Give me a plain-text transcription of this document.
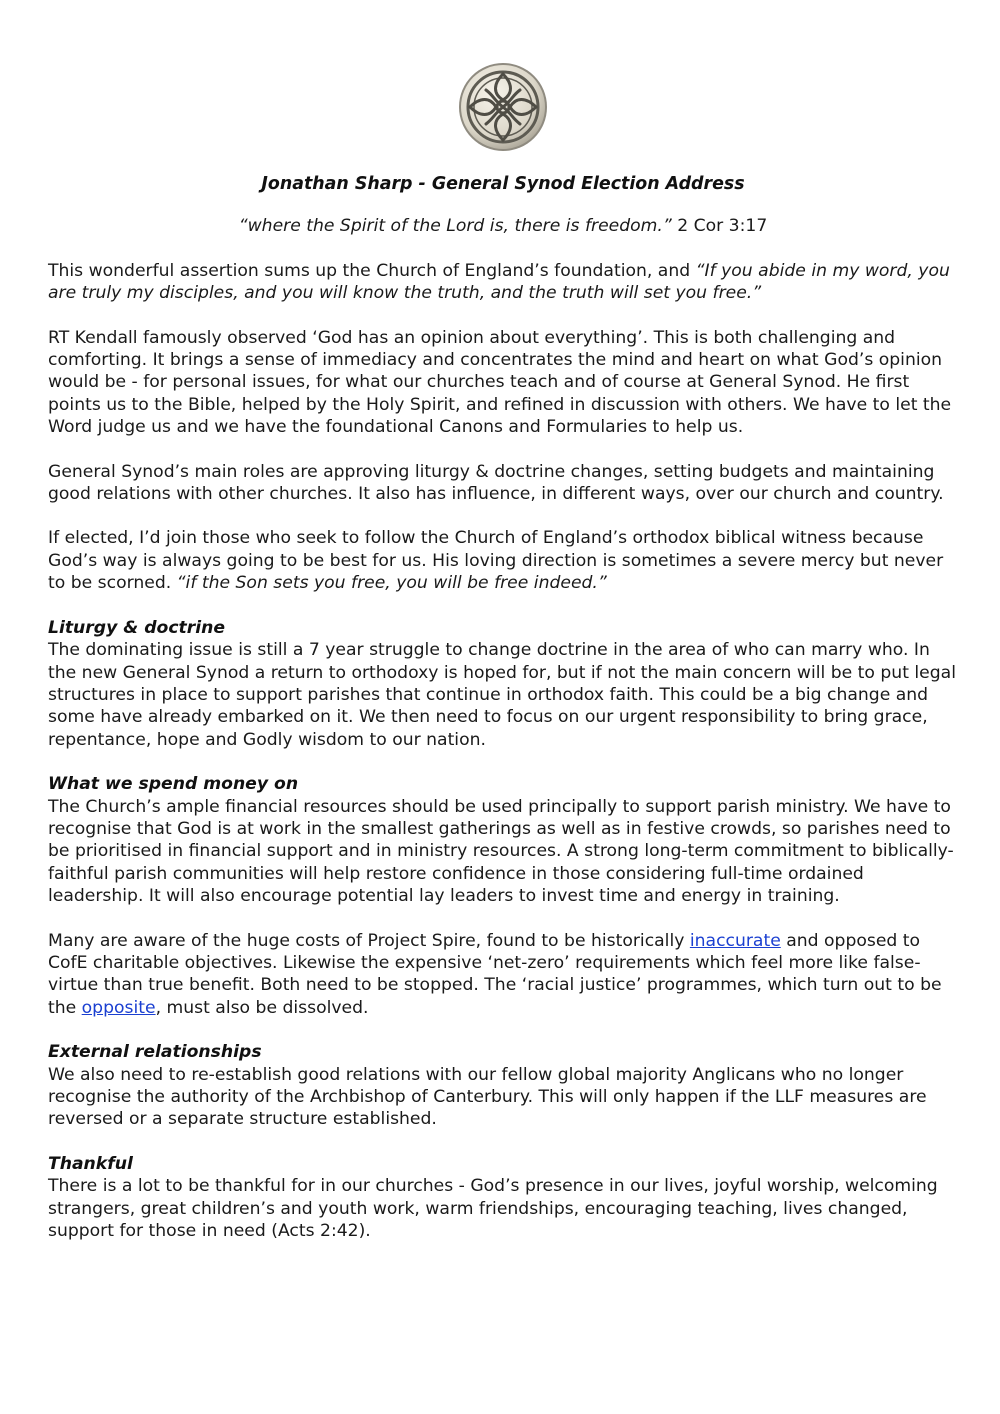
Jonathan Sharp - General Synod Election Address
“where the Spirit of the Lord is, there is freedom.” 2 Cor 3:17

This wonderful assertion sums up the Church of England’s foundation, and “If you abide in my word, you are truly my disciples, and you will know the truth, and the truth will set you free.”

RT Kendall famously observed ‘God has an opinion about everything’. This is both challenging and comforting. It brings a sense of immediacy and concentrates the mind and heart on what God’s opinion would be - for personal issues, for what our churches teach and of course at General Synod. He first points us to the Bible, helped by the Holy Spirit, and refined in discussion with others. We have to let the Word judge us and we have the foundational Canons and Formularies to help us.

General Synod’s main roles are approving liturgy & doctrine changes, setting budgets and maintaining good relations with other churches. It also has influence, in different ways, over our church and country.

If elected, I’d join those who seek to follow the Church of England’s orthodox biblical witness because God’s way is always going to be best for us. His loving direction is sometimes a severe mercy but never to be scorned. “if the Son sets you free, you will be free indeed.”

Liturgy & doctrine

The dominating issue is still a 7 year struggle to change doctrine in the area of who can marry who. In the new General Synod a return to orthodoxy is hoped for, but if not the main concern will be to put legal structures in place to support parishes that continue in orthodox faith. This could be a big change and some have already embarked on it. We then need to focus on our urgent responsibility to bring grace, repentance, hope and Godly wisdom to our nation.

What we spend money on

The Church’s ample financial resources should be used principally to support parish ministry. We have to recognise that God is at work in the smallest gatherings as well as in festive crowds, so parishes need to be prioritised in financial support and in ministry resources. A strong long-term commitment to biblically-faithful parish communities will help restore confidence in those considering full-time ordained leadership. It will also encourage potential lay leaders to invest time and energy in training.

Many are aware of the huge costs of Project Spire, found to be historically inaccurate and opposed to CofE charitable objectives. Likewise the expensive ‘net-zero’ requirements which feel more like false-virtue than true benefit. Both need to be stopped. The ‘racial justice’ programmes, which turn out to be the opposite, must also be dissolved.

External relationships

We also need to re-establish good relations with our fellow global majority Anglicans who no longer recognise the authority of the Archbishop of Canterbury. This will only happen if the LLF measures are reversed or a separate structure established.

Thankful

There is a lot to be thankful for in our churches - God’s presence in our lives, joyful worship, welcoming strangers, great children’s and youth work, warm friendships, encouraging teaching, lives changed, support for those in need (Acts 2:42).
